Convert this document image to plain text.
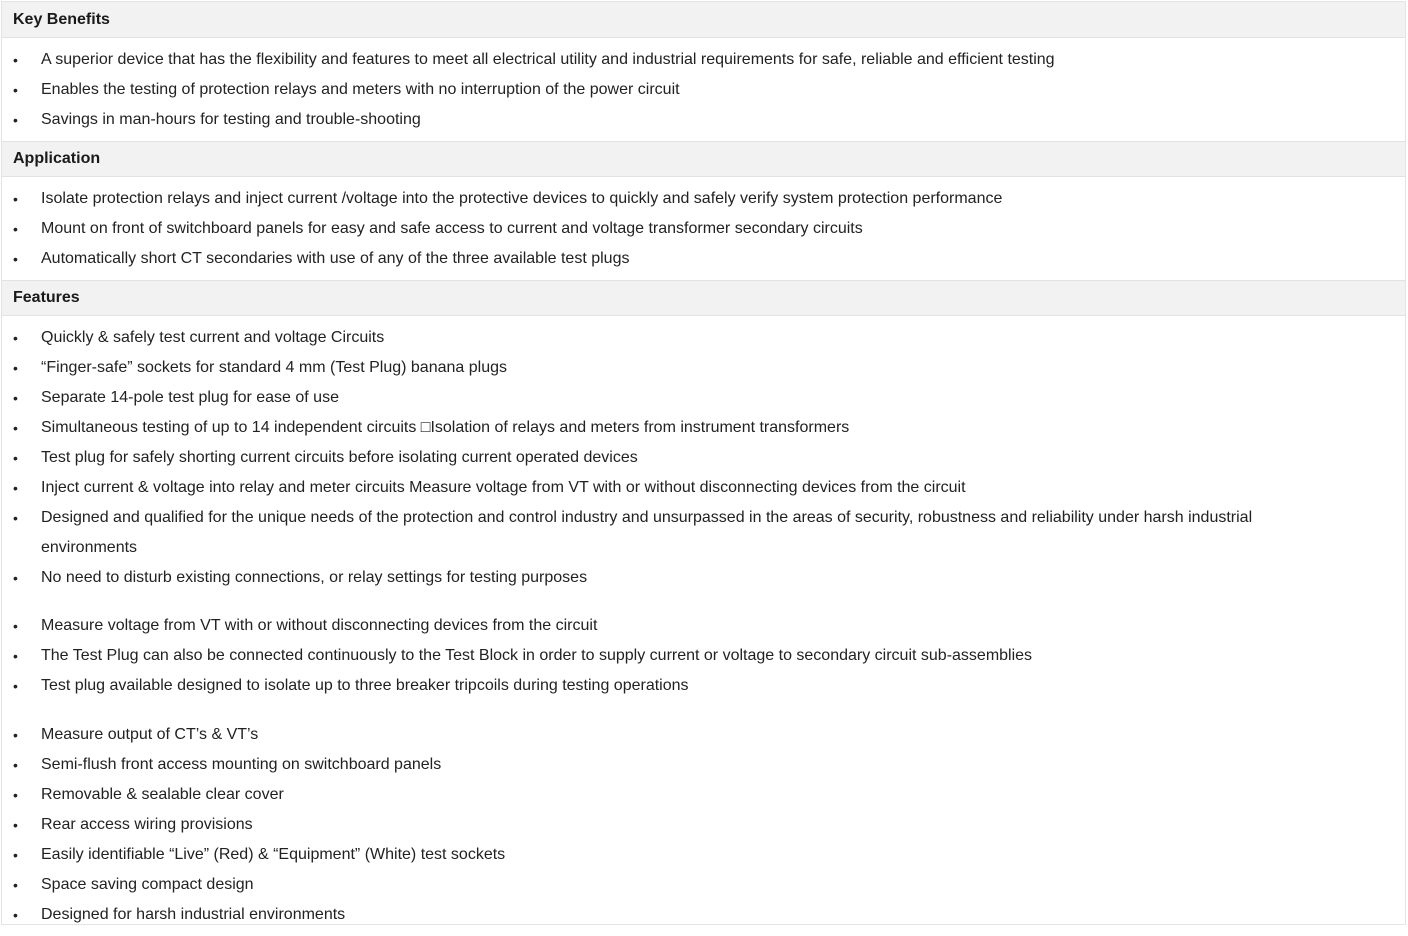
Key Benefits
• A superior device that has the flexibility and features to meet all electrical utility and industrial requirements for safe, reliable and efficient testing
• Enables the testing of protection relays and meters with no interruption of the power circuit
• Savings in man-hours for testing and trouble-shooting
Application
• Isolate protection relays and inject current /voltage into the protective devices to quickly and safely verify system protection performance
• Mount on front of switchboard panels for easy and safe access to current and voltage transformer secondary circuits
• Automatically short CT secondaries with use of any of the three available test plugs
Features
• Quickly & safely test current and voltage Circuits
• “Finger-safe” sockets for standard 4 mm (Test Plug) banana plugs
• Separate 14-pole test plug for ease of use
• Simultaneous testing of up to 14 independent circuits □Isolation of relays and meters from instrument transformers
• Test plug for safely shorting current circuits before isolating current operated devices
• Inject current & voltage into relay and meter circuits Measure voltage from VT with or without disconnecting devices from the circuit
• Designed and qualified for the unique needs of the protection and control industry and unsurpassed in the areas of security, robustness and reliability under harsh industrial environments
• No need to disturb existing connections, or relay settings for testing purposes
• Measure voltage from VT with or without disconnecting devices from the circuit
• The Test Plug can also be connected continuously to the Test Block in order to supply current or voltage to secondary circuit sub-assemblies
• Test plug available designed to isolate up to three breaker tripcoils during testing operations
• Measure output of CT’s & VT’s
• Semi-flush front access mounting on switchboard panels
• Removable & sealable clear cover
• Rear access wiring provisions
• Easily identifiable “Live” (Red) & “Equipment” (White) test sockets
• Space saving compact design
• Designed for harsh industrial environments
